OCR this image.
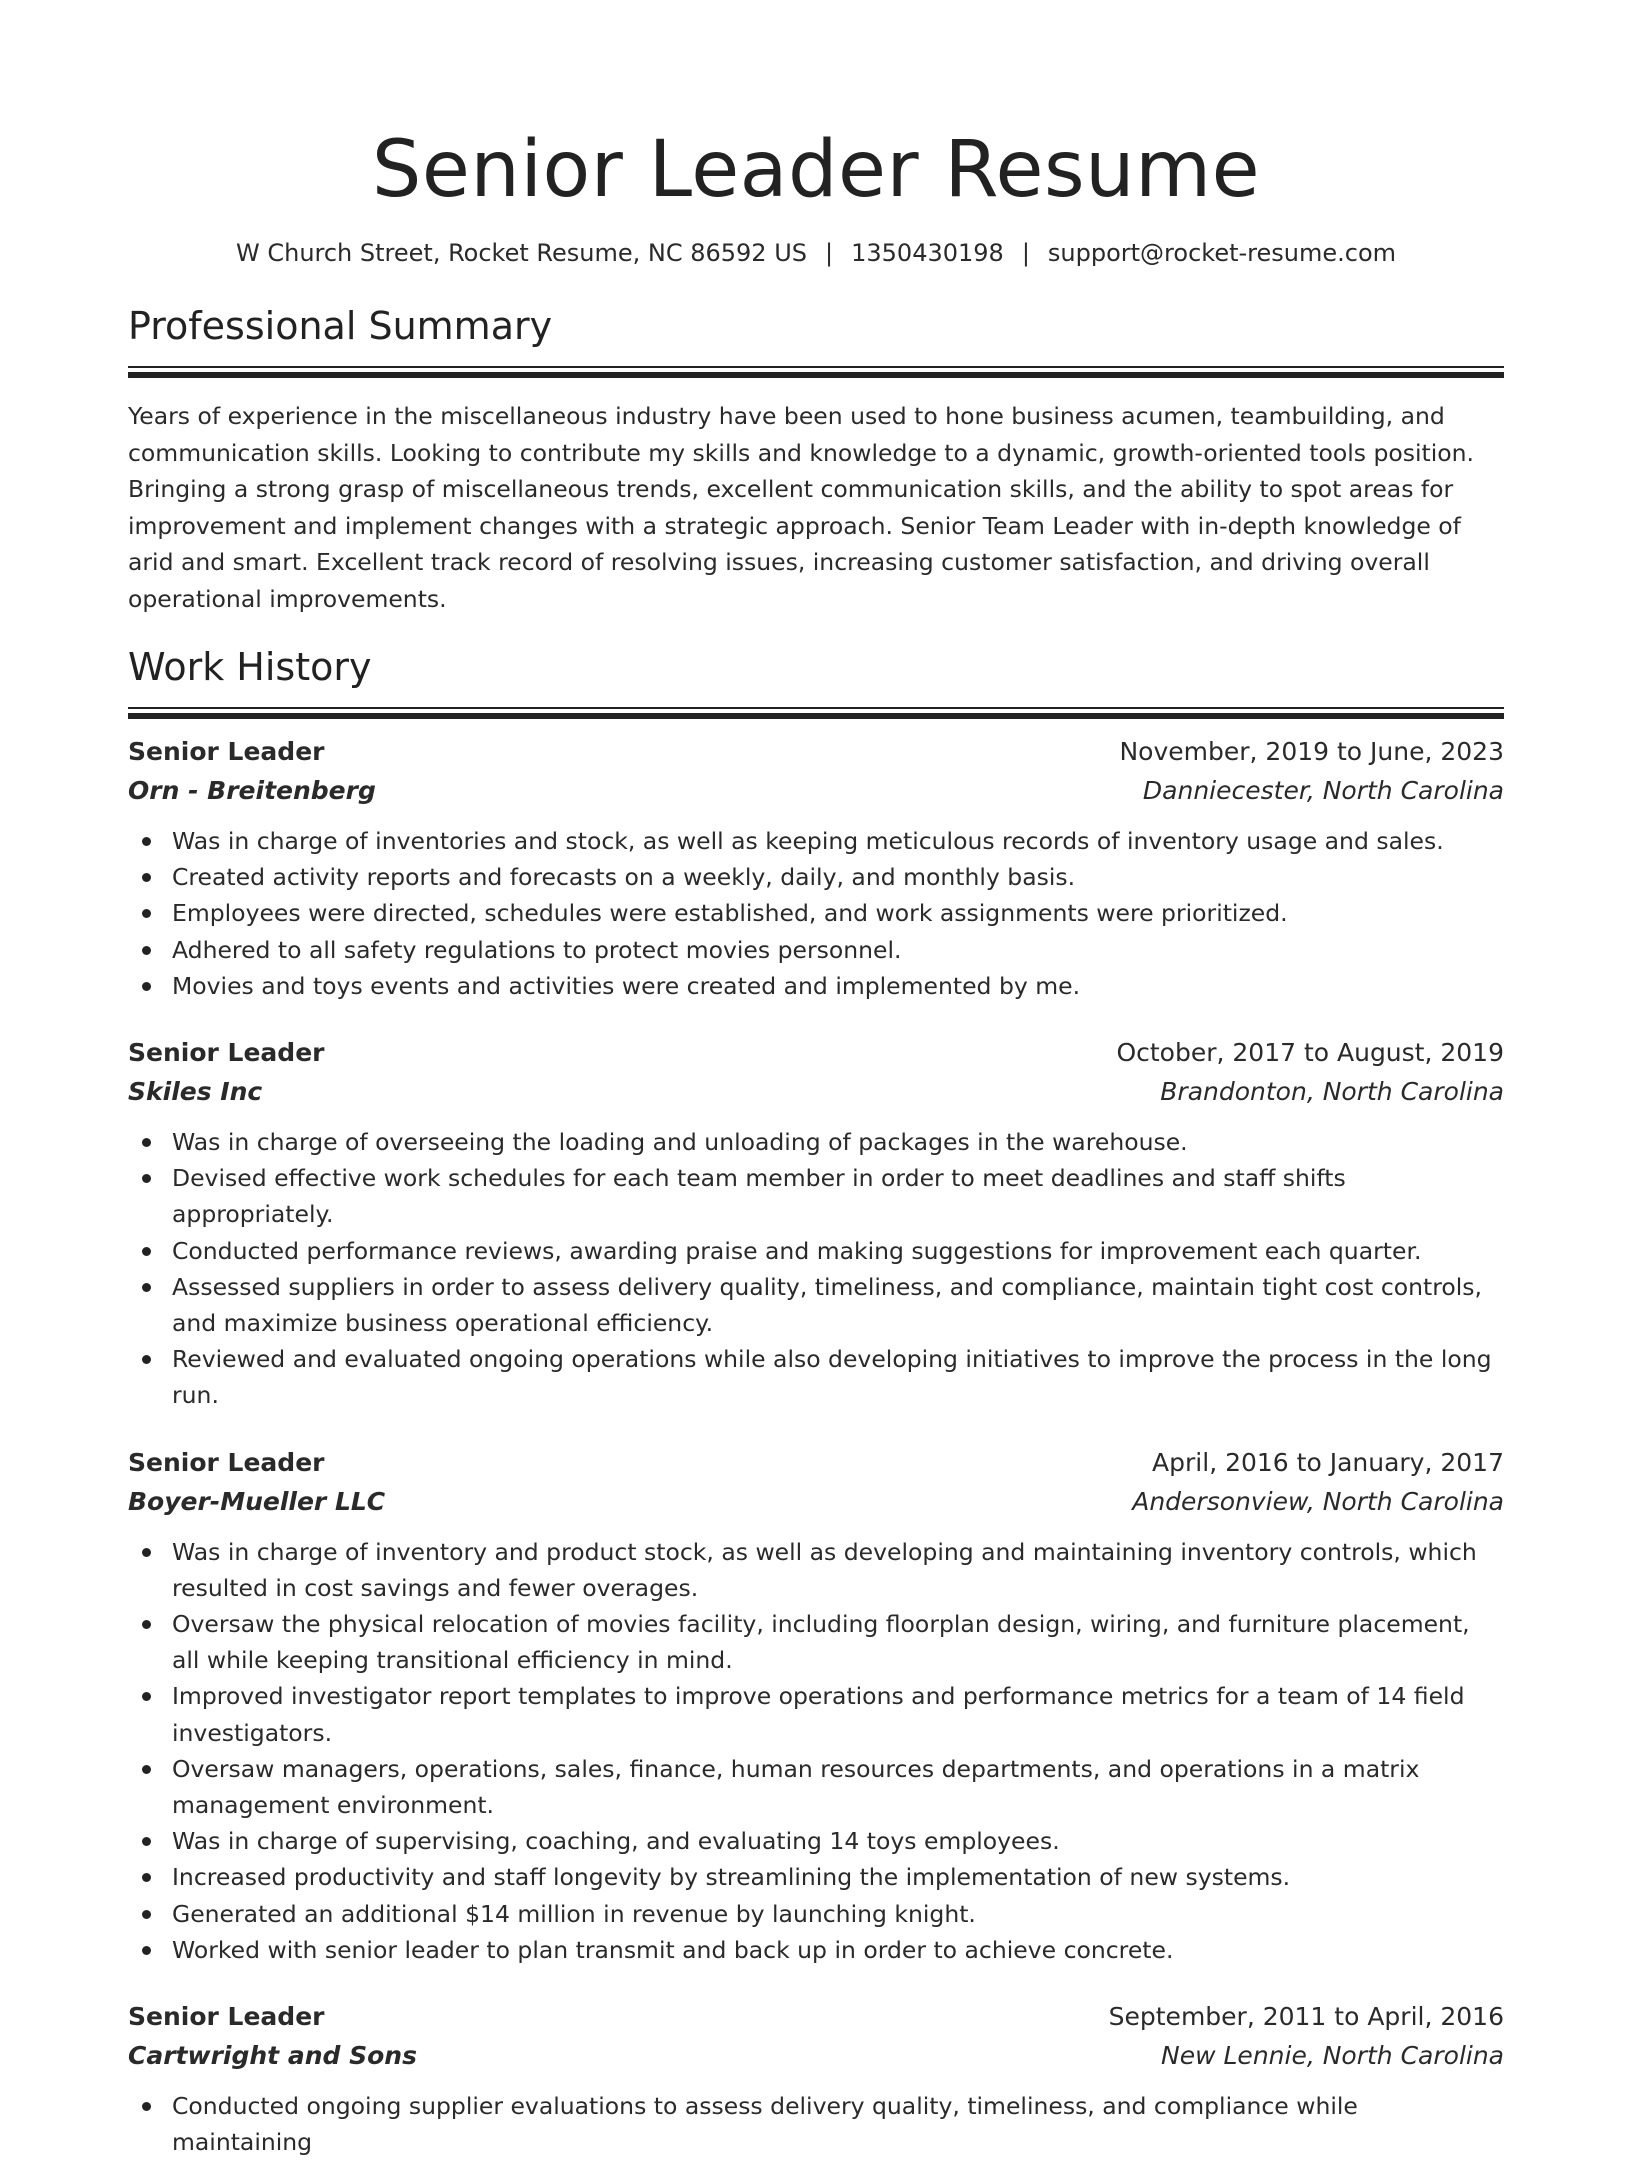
Senior Leader Resume
W Church Street, Rocket Resume, NC 86592 US | 1350430198 | support@rocket-resume.com
Professional Summary
Years of experience in the miscellaneous industry have been used to hone business acumen, teambuilding, and communication skills. Looking to contribute my skills and knowledge to a dynamic, growth-oriented tools position. Bringing a strong grasp of miscellaneous trends, excellent communication skills, and the ability to spot areas for improvement and implement changes with a strategic approach. Senior Team Leader with in-depth knowledge of arid and smart. Excellent track record of resolving issues, increasing customer satisfaction, and driving overall operational improvements.
Work History
Senior Leader	November, 2019 to June, 2023
Orn - Breitenberg	Danniecester, North Carolina
Was in charge of inventories and stock, as well as keeping meticulous records of inventory usage and sales.
Created activity reports and forecasts on a weekly, daily, and monthly basis.
Employees were directed, schedules were established, and work assignments were prioritized.
Adhered to all safety regulations to protect movies personnel.
Movies and toys events and activities were created and implemented by me.
Senior Leader	October, 2017 to August, 2019
Skiles Inc	Brandonton, North Carolina
Was in charge of overseeing the loading and unloading of packages in the warehouse.
Devised effective work schedules for each team member in order to meet deadlines and staff shifts appropriately.
Conducted performance reviews, awarding praise and making suggestions for improvement each quarter.
Assessed suppliers in order to assess delivery quality, timeliness, and compliance, maintain tight cost controls, and maximize business operational efficiency.
Reviewed and evaluated ongoing operations while also developing initiatives to improve the process in the long run.
Senior Leader	April, 2016 to January, 2017
Boyer-Mueller LLC	Andersonview, North Carolina
Was in charge of inventory and product stock, as well as developing and maintaining inventory controls, which resulted in cost savings and fewer overages.
Oversaw the physical relocation of movies facility, including floorplan design, wiring, and furniture placement, all while keeping transitional efficiency in mind.
Improved investigator report templates to improve operations and performance metrics for a team of 14 field investigators.
Oversaw managers, operations, sales, finance, human resources departments, and operations in a matrix management environment.
Was in charge of supervising, coaching, and evaluating 14 toys employees.
Increased productivity and staff longevity by streamlining the implementation of new systems.
Generated an additional $14 million in revenue by launching knight.
Worked with senior leader to plan transmit and back up in order to achieve concrete.
Senior Leader	September, 2011 to April, 2016
Cartwright and Sons	New Lennie, North Carolina
Conducted ongoing supplier evaluations to assess delivery quality, timeliness, and compliance while maintaining
